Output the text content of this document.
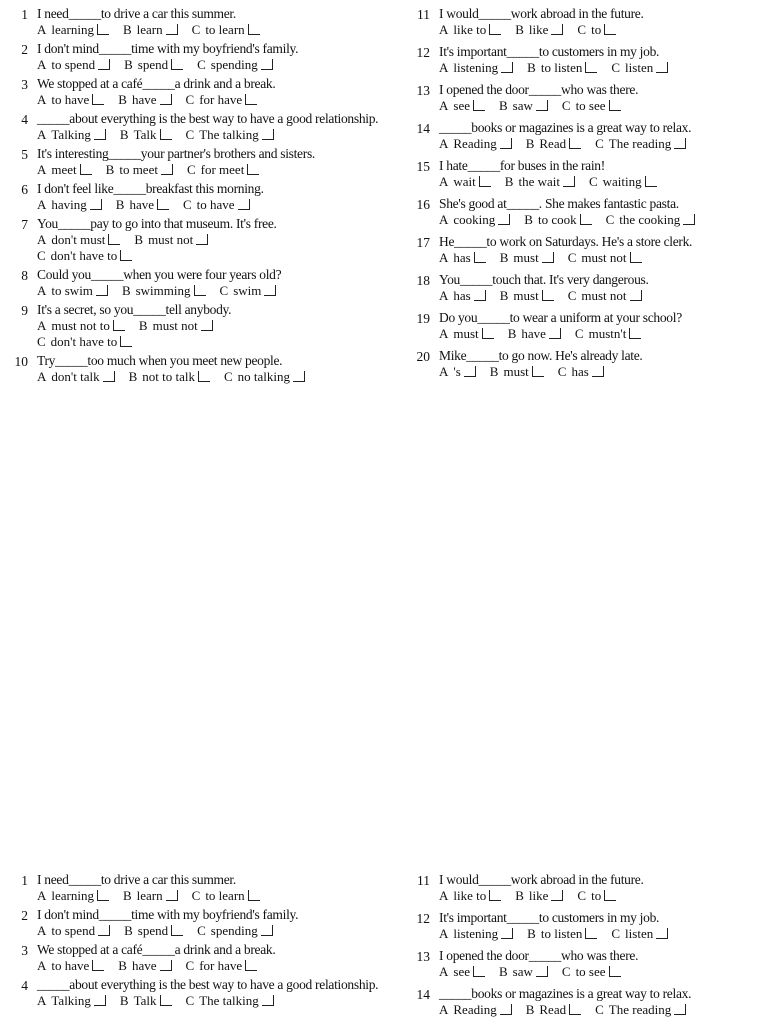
1 I need_____to drive a car this summer.
A learning B learn C to learn
2 I don't mind_____time with my boyfriend's family.
A to spend B spend C spending
3 We stopped at a café_____a drink and a break.
A to have B have C for have
4 _____about everything is the best way to have a good relationship.
A Talking B Talk C The talking
5 It's interesting_____your partner's brothers and sisters.
A meet B to meet C for meet
6 I don't feel like_____breakfast this morning.
A having B have C to have
7 You_____pay to go into that museum. It's free.
A don't must B must not
C don't have to
8 Could you_____when you were four years old?
A to swim B swimming C swim
9 It's a secret, so you_____tell anybody.
A must not to B must not
C don't have to
10 Try_____too much when you meet new people.
A don't talk B not to talk C no talking
11 I would_____work abroad in the future.
A like to B like C to
12 It's important_____to customers in my job.
A listening B to listen C listen
13 I opened the door_____who was there.
A see B saw C to see
14 _____books or magazines is a great way to relax.
A Reading B Read C The reading
15 I hate_____for buses in the rain!
A wait B the wait C waiting
16 She's good at_____. She makes fantastic pasta.
A cooking B to cook C the cooking
17 He_____to work on Saturdays. He's a store clerk.
A has B must C must not
18 You_____touch that. It's very dangerous.
A has B must C must not
19 Do you_____to wear a uniform at your school?
A must B have C mustn't
20 Mike_____to go now. He's already late.
A 's B must C has
1 I need_____to drive a car this summer.
A learning B learn C to learn
2 I don't mind_____time with my boyfriend's family.
A to spend B spend C spending
3 We stopped at a café_____a drink and a break.
A to have B have C for have
4 _____about everything is the best way to have a good relationship.
A Talking B Talk C The talking
11 I would_____work abroad in the future.
A like to B like C to
12 It's important_____to customers in my job.
A listening B to listen C listen
13 I opened the door_____who was there.
A see B saw C to see
14 _____books or magazines is a great way to relax.
A Reading B Read C The reading
